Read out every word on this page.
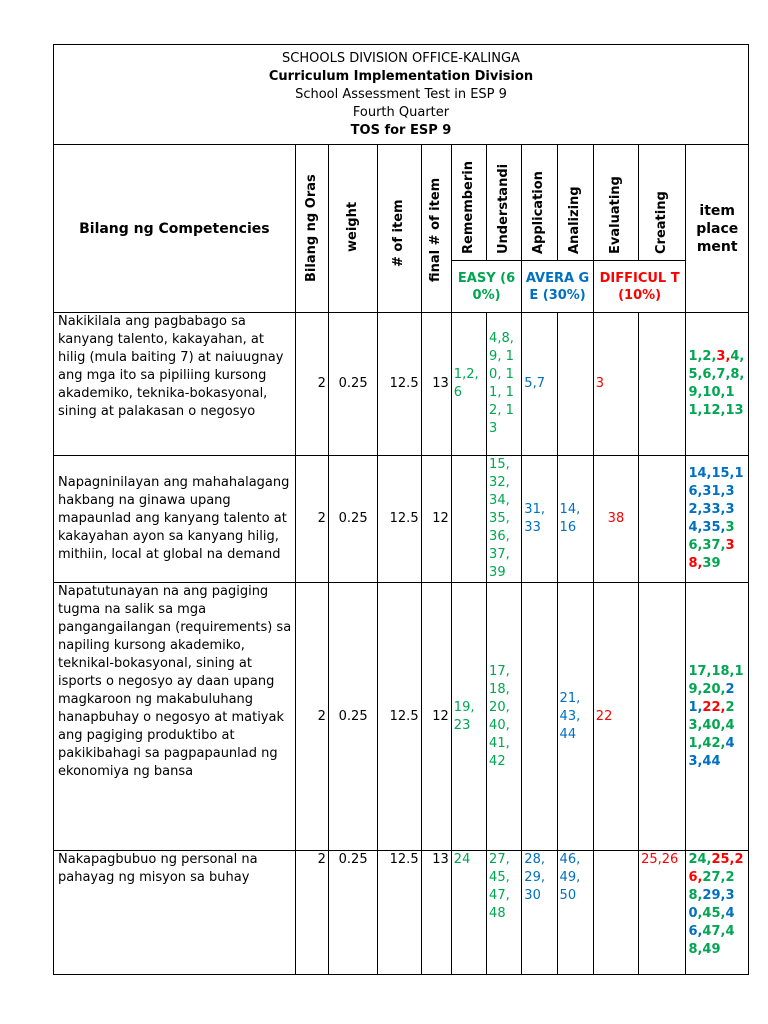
SCHOOLS DIVISION OFFICE-KALINGA
Curriculum Implementation Division
School Assessment Test in ESP 9
Fourth Quarter
TOS for ESP 9											

Bilang ng Competencies	Bilang ng Oras	weight	# of item	final # of item	Rememberin	Understandi	Application	Analizing	Evaluating	Creating	item place ment
					EASY (60%)		AVERA GE (30%)		DIFFICUL T (10%)		
Nakikilala ang pagbabago sa kanyang talento, kakayahan, at hilig (mula baiting 7) at naiuugnay ang mga ito sa pipiliing kursong akademiko, teknika-bokasyonal, sining at palakasan o negosyo	2	0.25	12.5	13	1,2,6	4,8,9, 10, 11, 12, 13	5,7		3		1,2,3,4,5,6,7,8,9,10,11,12,13
Napagninilayan ang mahahalagang hakbang na ginawa upang mapaunlad ang kanyang talento at kakayahan ayon sa kanyang hilig, mithiin, local at global na demand	2	0.25	12.5	12		15, 32, 34, 35, 36, 37, 39	31, 33	14, 16	38		14,15,16,31,32,33,34,35,36,37,38,39
Napatutunayan na ang pagiging tugma na salik sa mga pangangailangan (requirements) sa napiling kursong akademiko, teknikal-bokasyonal, sining at isports o negosyo ay daan upang magkaroon ng makabuluhang hanapbuhay o negosyo at matiyak ang pagiging produktibo at pakikibahagi sa pagpapaunlad ng ekonomiya ng bansa	2	0.25	12.5	12	19, 23	17, 18, 20, 40, 41, 42		21, 43, 44	22		17,18,19,20,21,22,23,40,41,42,43,44
Nakapagbubuo ng personal na pahayag ng misyon sa buhay	2	0.25	12.5	13	24	27, 45, 47, 48	28, 29, 30	46, 49, 50		25,26	24,25,26,27,28,29,30,45,46,47,48,49
